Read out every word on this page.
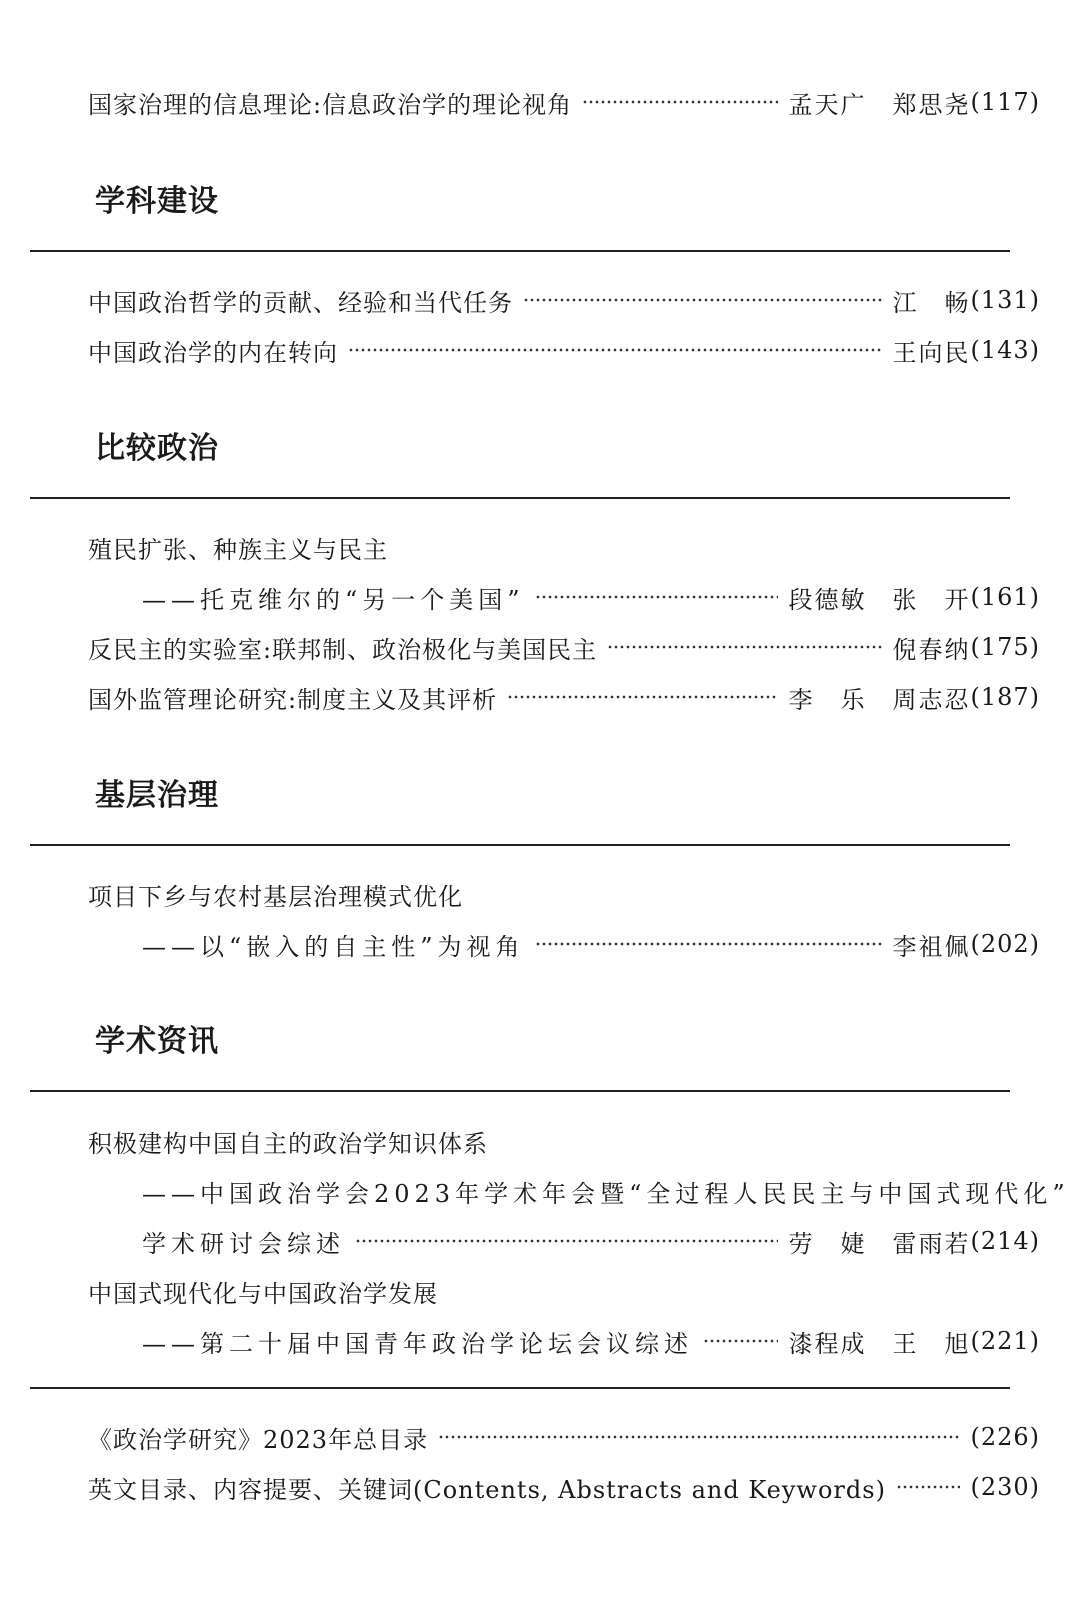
国家治理的信息理论:信息政治学的理论视角	孟天广　郑思尧 (117)
学科建设
中国政治哲学的贡献、经验和当代任务	江　畅 (131)
中国政治学的内在转向	王向民 (143)
比较政治
殖民扩张、种族主义与民主
——托克维尔的“另一个美国”	段德敏　张　开 (161)
反民主的实验室:联邦制、政治极化与美国民主	倪春纳 (175)
国外监管理论研究:制度主义及其评析	李　乐　周志忍 (187)
基层治理
项目下乡与农村基层治理模式优化
——以“嵌入的自主性”为视角	李祖佩 (202)
学术资讯
积极建构中国自主的政治学知识体系
——中国政治学会2023年学术年会暨“全过程人民民主与中国式现代化”
学术研讨会综述	劳　婕　雷雨若 (214)
中国式现代化与中国政治学发展
——第二十届中国青年政治学论坛会议综述	漆程成　王　旭 (221)
《政治学研究》2023年总目录	(226)
英文目录、内容提要、关键词(Contents, Abstracts and Keywords)	(230)
